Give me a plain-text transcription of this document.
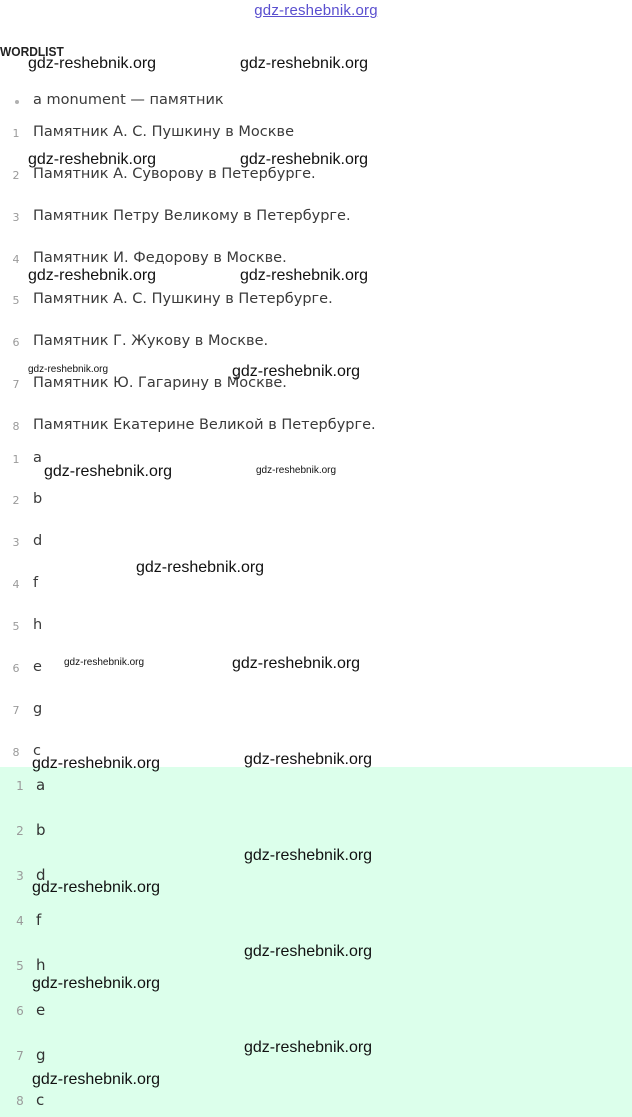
gdz-reshebnik.org
WORDLIST
a monument — памятник
1 Памятник А. С. Пушкину в Москве
2 Памятник А. Суворову в Петербурге.
3 Памятник Петру Великому в Петербурге.
4 Памятник И. Федорову в Москве.
5 Памятник А. С. Пушкину в Петербурге.
6 Памятник Г. Жукову в Москве.
7 Памятник Ю. Гагарину в Москве.
8 Памятник Екатерине Великой в Петербурге.
1 a
2 b
3 d
4 f
5 h
6 e
7 g
8 c
1 a
2 b
3 d
4 f
5 h
6 e
7 g
8 c
gdz-reshebnik.org	gdz-reshebnik.org
gdz-reshebnik.org	gdz-reshebnik.org
gdz-reshebnik.org	gdz-reshebnik.org
gdz-reshebnik.org	gdz-reshebnik.org
gdz-reshebnik.org	gdz-reshebnik.org
gdz-reshebnik.org
gdz-reshebnik.org	gdz-reshebnik.org
gdz-reshebnik.org
gdz-reshebnik.org
gdz-reshebnik.org
gdz-reshebnik.org
gdz-reshebnik.org
gdz-reshebnik.org
gdz-reshebnik.org
gdz-reshebnik.org
